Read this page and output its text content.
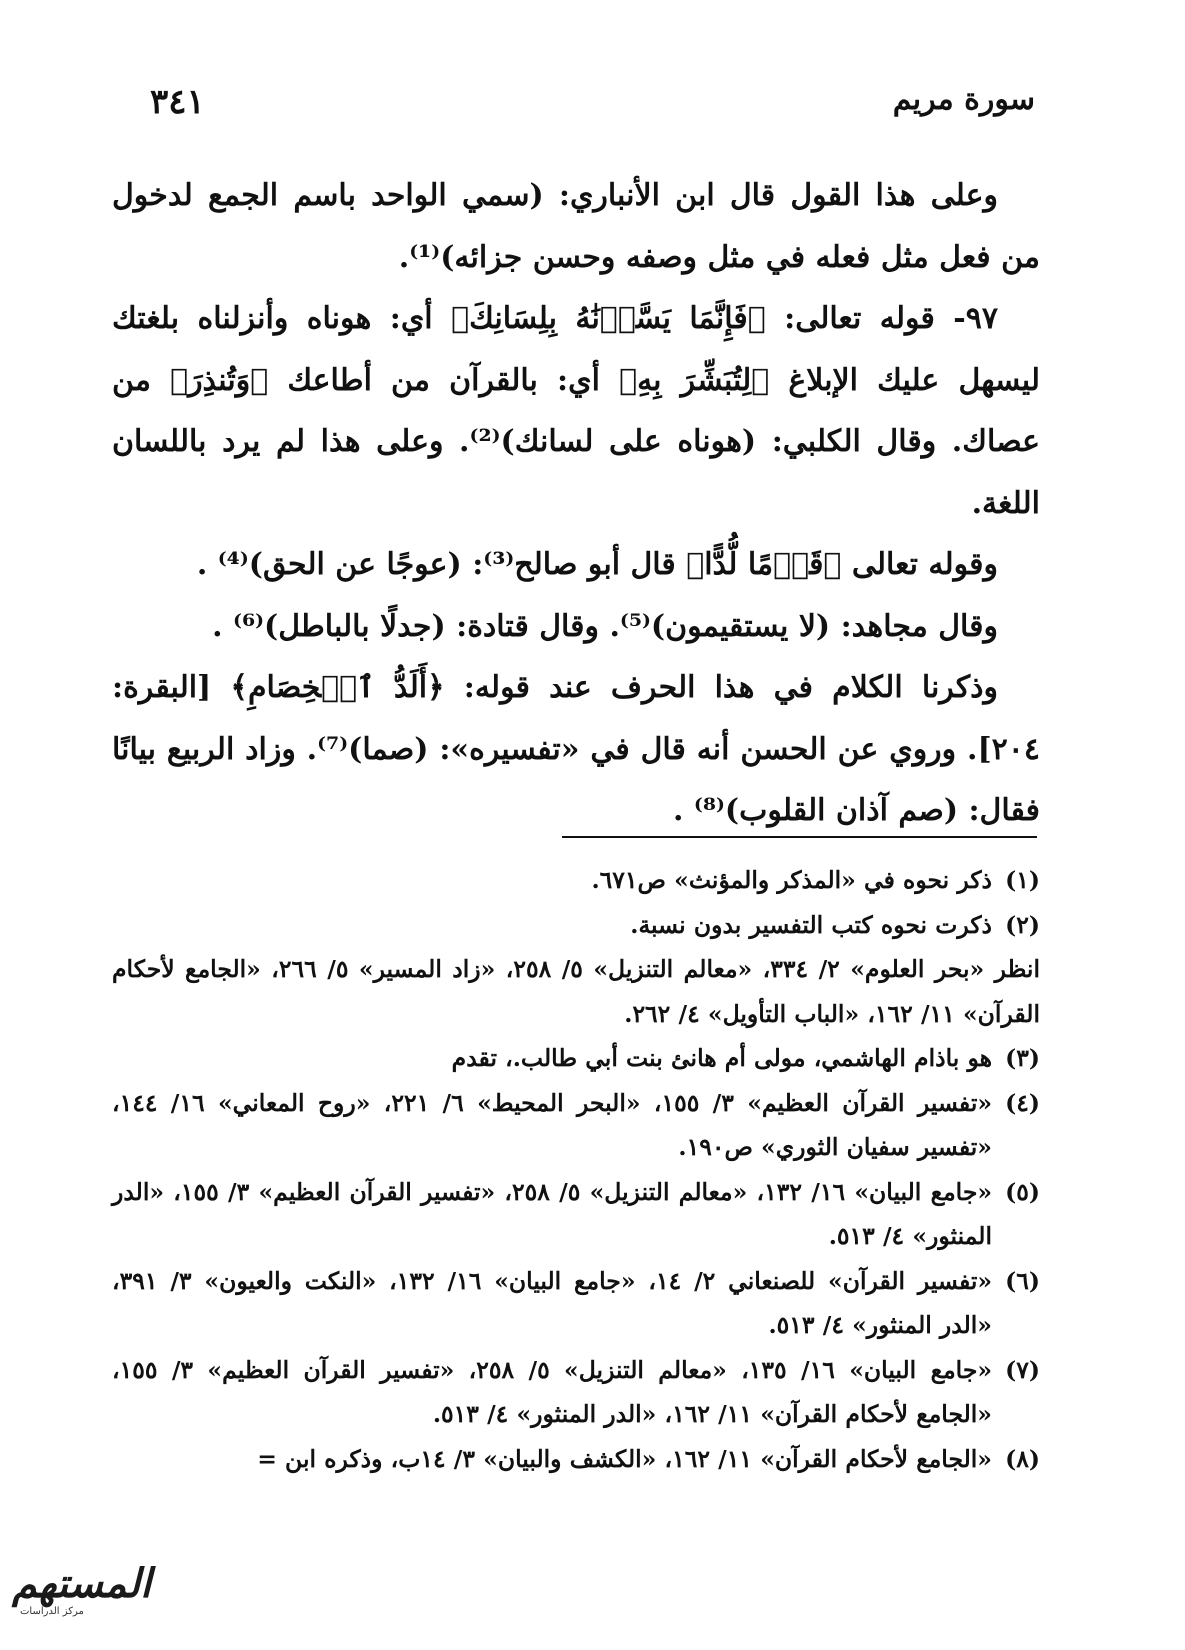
سورة مريم
٣٤١

وعلى هذا القول قال ابن الأنباري: (سمي الواحد باسم الجمع لدخول من فعل مثل فعله في مثل وصفه وحسن جزائه)⁽¹⁾.

٩٧- قوله تعالى: ﴿فَإِنَّمَا يَسَّرۡنَٰهُ بِلِسَانِكَ﴾ أي: هوناه وأنزلناه بلغتك ليسهل عليك الإبلاغ ﴿لِتُبَشِّرَ بِهِ﴾ أي: بالقرآن من أطاعك ﴿وَتُنذِرَ﴾ من عصاك. وقال الكلبي: (هوناه على لسانك)⁽²⁾. وعلى هذا لم يرد باللسان اللغة.

وقوله تعالى ﴿قَوۡمًا لُّدًّا﴾ قال أبو صالح⁽³⁾: (عوجًا عن الحق)⁽⁴⁾ .

وقال مجاهد: (لا يستقيمون)⁽⁵⁾. وقال قتادة: (جدلًا بالباطل)⁽⁶⁾ .

وذكرنا الكلام في هذا الحرف عند قوله: ﴿أَلَدُّ ٱلۡخِصَامِ﴾ [البقرة: ٢٠٤]. وروي عن الحسن أنه قال في «تفسيره»: (صما)⁽⁷⁾. وزاد الربيع بيانًا فقال: (صم آذان القلوب)⁽⁸⁾ .

(١)
ذكر نحوه في «المذكر والمؤنث» ص٦٧١.
(٢)
ذكرت نحوه كتب التفسير بدون نسبة.
انظر «بحر العلوم» ٢/ ٣٣٤، «معالم التنزيل» ٥/ ٢٥٨، «زاد المسير» ٥/ ٢٦٦، «الجامع لأحكام القرآن» ١١/ ١٦٢، «الباب التأويل» ٤/ ٢٦٢.
(٣)
هو باذام الهاشمي، مولى أم هانئ بنت أبي طالب.، تقدم
(٤)
«تفسير القرآن العظيم» ٣/ ١٥٥، «البحر المحيط» ٦/ ٢٢١، «روح المعاني» ١٦/ ١٤٤، «تفسير سفيان الثوري» ص١٩٠.
(٥)
«جامع البيان» ١٦/ ١٣٢، «معالم التنزيل» ٥/ ٢٥٨، «تفسير القرآن العظيم» ٣/ ١٥٥، «الدر المنثور» ٤/ ٥١٣.
(٦)
«تفسير القرآن» للصنعاني ٢/ ١٤، «جامع البيان» ١٦/ ١٣٢، «النكت والعيون» ٣/ ٣٩١، «الدر المنثور» ٤/ ٥١٣.
(٧)
«جامع البيان» ١٦/ ١٣٥، «معالم التنزيل» ٥/ ٢٥٨، «تفسير القرآن العظيم» ٣/ ١٥٥، «الجامع لأحكام القرآن» ١١/ ١٦٢، «الدر المنثور» ٤/ ٥١٣.
(٨)
«الجامع لأحكام القرآن» ١١/ ١٦٢، «الكشف والبيان» ٣/ ١٤ب، وذكره ابن =
المستهم
مركز الدراسات
